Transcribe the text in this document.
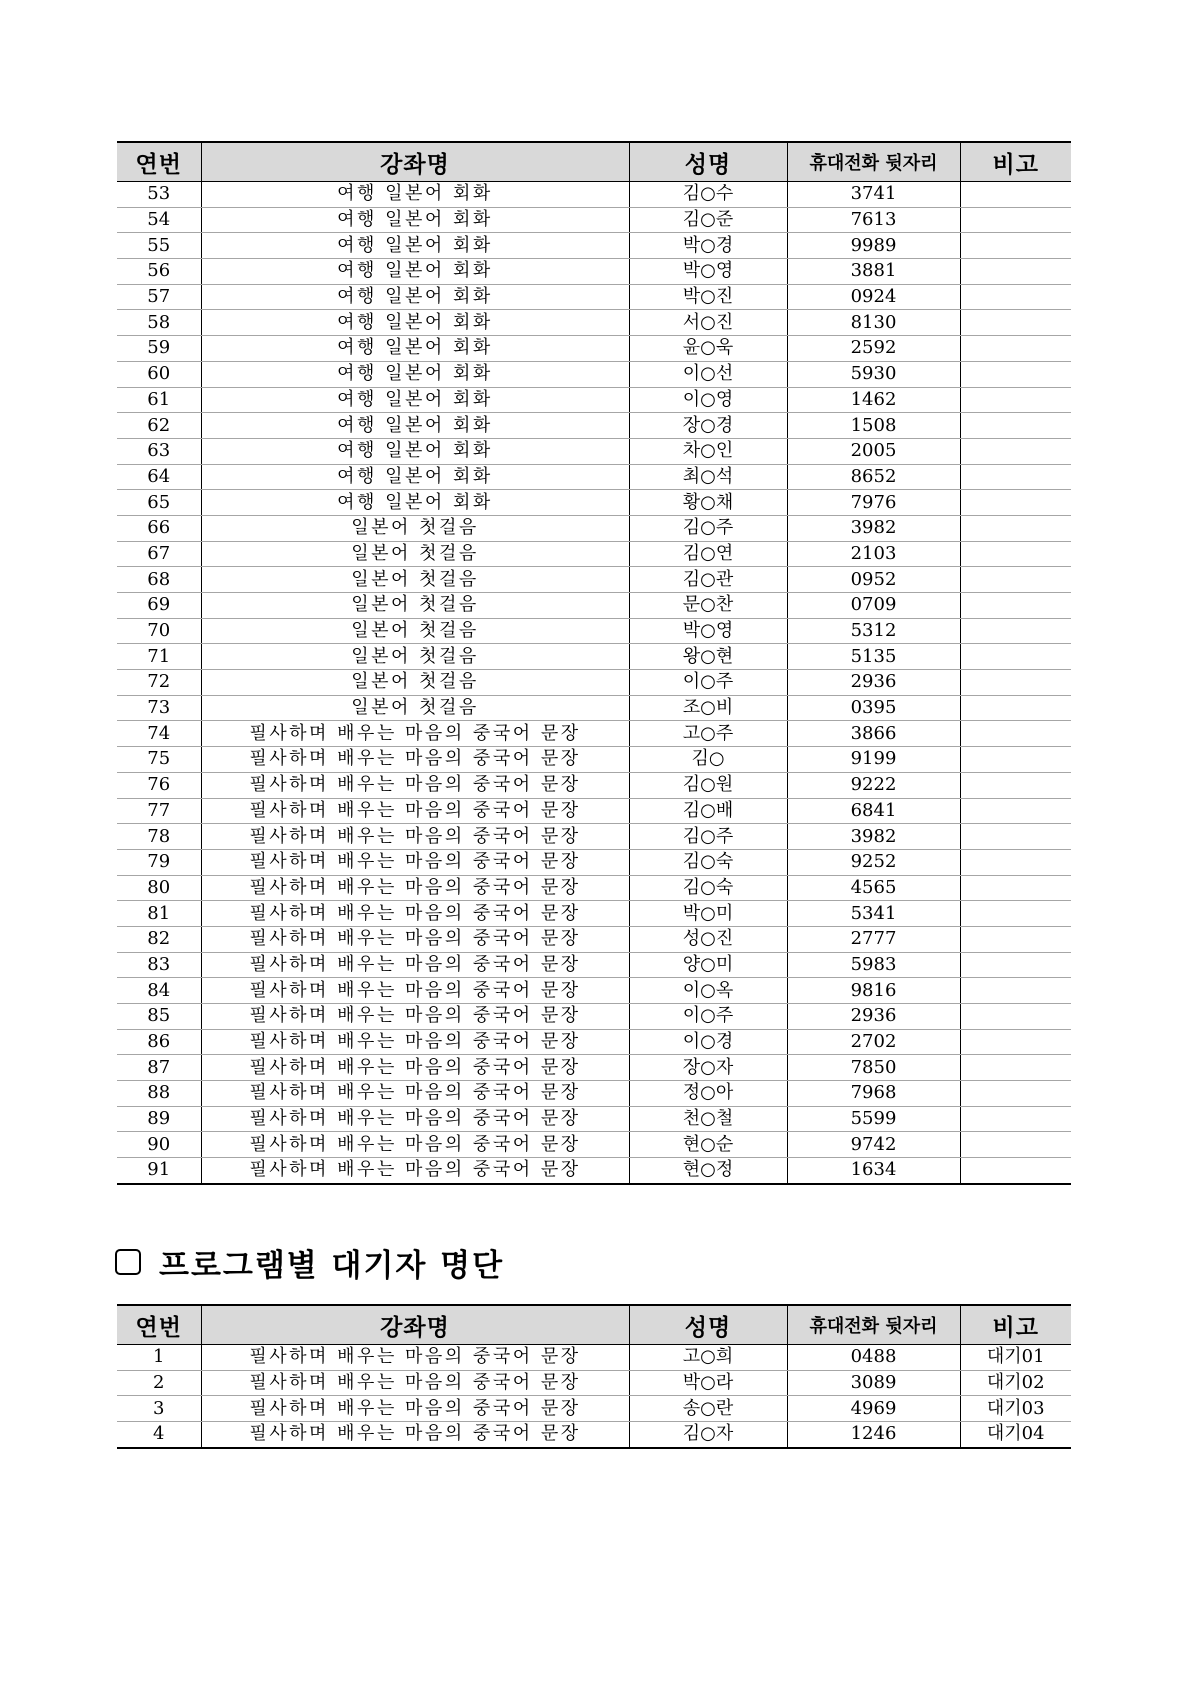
연번	강좌명	성명	휴대전화 뒷자리	비고
53	여행 일본어 회화	김○수	3741	
54	여행 일본어 회화	김○준	7613	
55	여행 일본어 회화	박○경	9989	
56	여행 일본어 회화	박○영	3881	
57	여행 일본어 회화	박○진	0924	
58	여행 일본어 회화	서○진	8130	
59	여행 일본어 회화	윤○욱	2592	
60	여행 일본어 회화	이○선	5930	
61	여행 일본어 회화	이○영	1462	
62	여행 일본어 회화	장○경	1508	
63	여행 일본어 회화	차○인	2005	
64	여행 일본어 회화	최○석	8652	
65	여행 일본어 회화	황○채	7976	
66	일본어 첫걸음	김○주	3982	
67	일본어 첫걸음	김○연	2103	
68	일본어 첫걸음	김○관	0952	
69	일본어 첫걸음	문○찬	0709	
70	일본어 첫걸음	박○영	5312	
71	일본어 첫걸음	왕○현	5135	
72	일본어 첫걸음	이○주	2936	
73	일본어 첫걸음	조○비	0395	
74	필사하며 배우는 마음의 중국어 문장	고○주	3866	
75	필사하며 배우는 마음의 중국어 문장	김○	9199	
76	필사하며 배우는 마음의 중국어 문장	김○원	9222	
77	필사하며 배우는 마음의 중국어 문장	김○배	6841	
78	필사하며 배우는 마음의 중국어 문장	김○주	3982	
79	필사하며 배우는 마음의 중국어 문장	김○숙	9252	
80	필사하며 배우는 마음의 중국어 문장	김○숙	4565	
81	필사하며 배우는 마음의 중국어 문장	박○미	5341	
82	필사하며 배우는 마음의 중국어 문장	성○진	2777	
83	필사하며 배우는 마음의 중국어 문장	양○미	5983	
84	필사하며 배우는 마음의 중국어 문장	이○옥	9816	
85	필사하며 배우는 마음의 중국어 문장	이○주	2936	
86	필사하며 배우는 마음의 중국어 문장	이○경	2702	
87	필사하며 배우는 마음의 중국어 문장	장○자	7850	
88	필사하며 배우는 마음의 중국어 문장	정○아	7968	
89	필사하며 배우는 마음의 중국어 문장	천○철	5599	
90	필사하며 배우는 마음의 중국어 문장	현○순	9742	
91	필사하며 배우는 마음의 중국어 문장	현○정	1634	
프로그램별 대기자 명단
연번	강좌명	성명	휴대전화 뒷자리	비고
1	필사하며 배우는 마음의 중국어 문장	고○희	0488	대기01
2	필사하며 배우는 마음의 중국어 문장	박○라	3089	대기02
3	필사하며 배우는 마음의 중국어 문장	송○란	4969	대기03
4	필사하며 배우는 마음의 중국어 문장	김○자	1246	대기04
